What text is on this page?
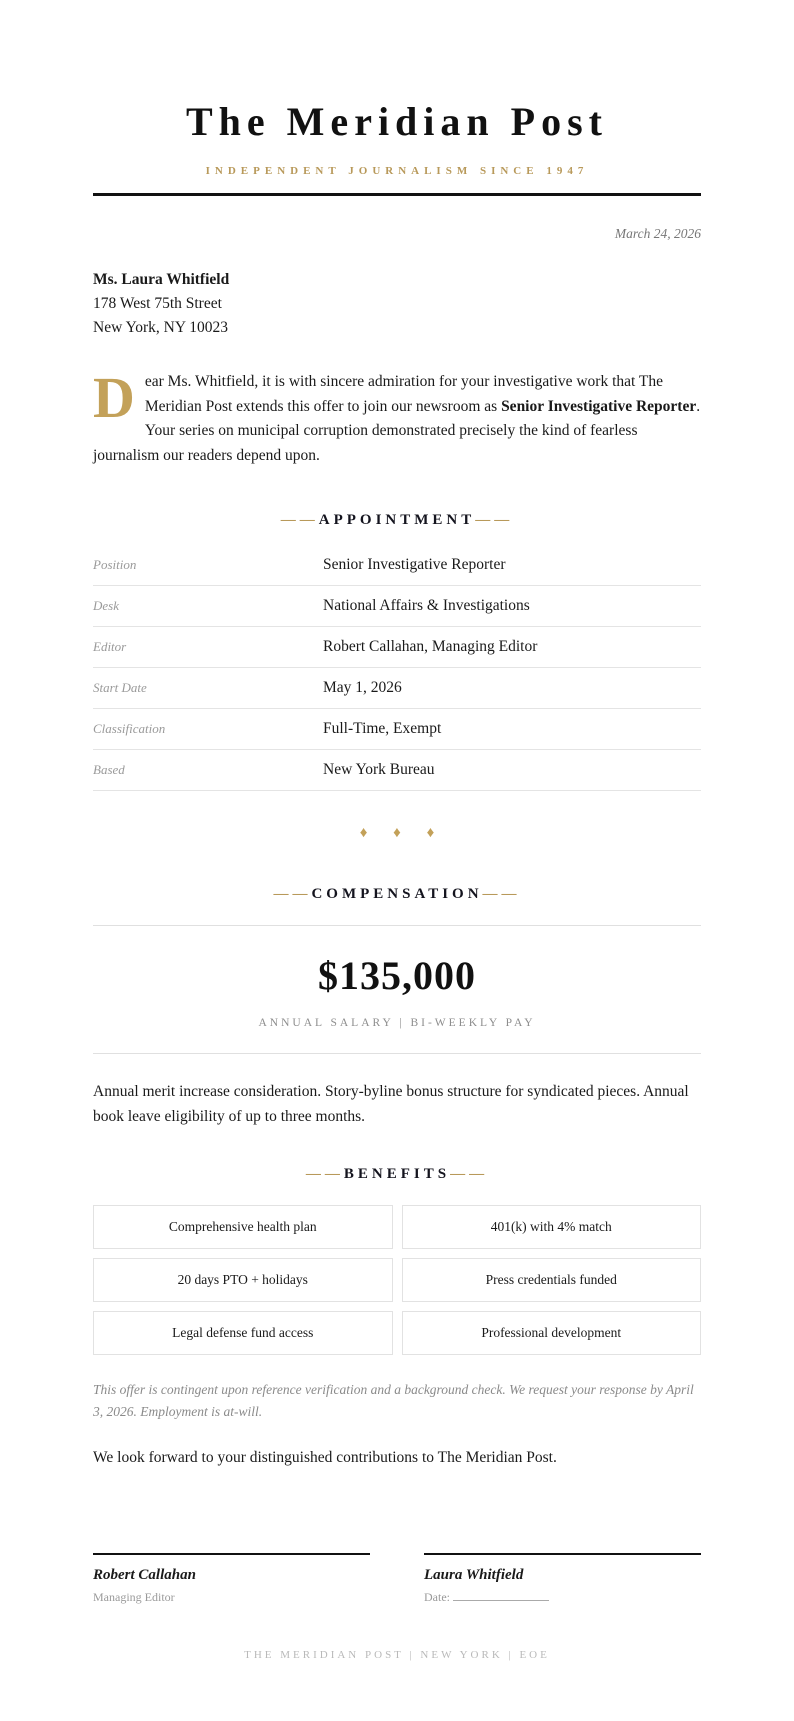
The Meridian Post
INDEPENDENT JOURNALISM SINCE 1947
March 24, 2026
Ms. Laura Whitfield
178 West 75th Street
New York, NY 10023

Dear Ms. Whitfield, it is with sincere admiration for your investigative work that The Meridian Post extends this offer to join our newsroom as Senior Investigative Reporter. Your series on municipal corruption demonstrated precisely the kind of fearless journalism our readers depend upon.

——APPOINTMENT——
Position	Senior Investigative Reporter
Desk	National Affairs & Investigations
Editor	Robert Callahan, Managing Editor
Start Date	May 1, 2026
Classification	Full-Time, Exempt
Based	New York Bureau
♦ ♦ ♦
——COMPENSATION——
$135,000
ANNUAL SALARY | BI-WEEKLY PAY

Annual merit increase consideration. Story-byline bonus structure for syndicated pieces. Annual book leave eligibility of up to three months.

——BENEFITS——
Comprehensive health plan	401(k) with 4% match
20 days PTO + holidays	Press credentials funded
Legal defense fund access	Professional development

This offer is contingent upon reference verification and a background check. We request your response by April 3, 2026. Employment is at-will.

We look forward to your distinguished contributions to The Meridian Post.

Robert Callahan
Managing Editor
Laura Whitfield
Date:
THE MERIDIAN POST | NEW YORK | EOE
